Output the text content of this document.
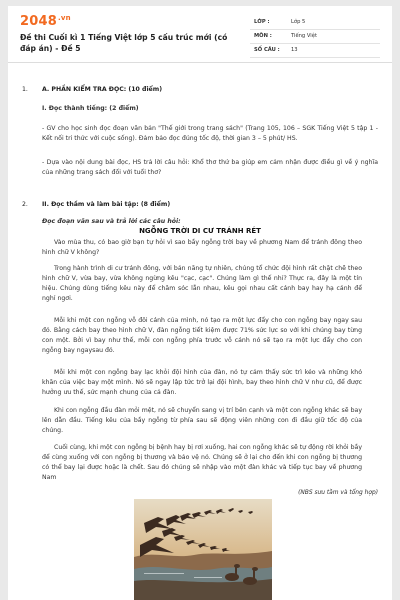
$2048^{.vn}$
Đề thi Cuối kì 1 Tiếng Việt lớp 5 cấu trúc mới (có đáp án) - Đề 5
LỚP :	Lớp 5
MÔN :	Tiếng Việt
SỐ CÂU : 13
1. A. PHẦN KIỂM TRA ĐỌC: (10 điểm)
I. Đọc thành tiếng: (2 điểm)
- GV cho học sinh đọc đoạn văn bản "Thế giới trong trang sách" (Trang 105, 106 – SGK Tiếng Việt 5 tập 1 - Kết nối tri thức với cuộc sống). Đảm bảo đọc đúng tốc độ, thời gian 3 – 5 phút/ HS.
- Dựa vào nội dung bài đọc, HS trả lời câu hỏi: Khổ thơ thứ ba giúp em cảm nhận được điều gì về ý nghĩa của những trang sách đối với tuổi thơ?
2. II. Đọc thầm và làm bài tập: (8 điểm)
Đọc đoạn văn sau và trả lời các câu hỏi:
NGỖNG TRỜI DI CƯ TRÁNH RÉT
Vào mùa thu, có bao giờ bạn tự hỏi vì sao bầy ngỗng trời bay về phương Nam để tránh đông theo hình chữ V không?
Trong hành trình di cư tránh đông, với bản năng tự nhiên, chúng tổ chức đội hình rất chặt chẽ theo hình chữ V, vừa bay, vừa không ngừng kêu "cạc, cạc". Chúng làm gì thế nhỉ? Thực ra, đây là một tín hiệu. Chúng dùng tiếng kêu này để chăm sóc lẫn nhau, kêu gọi nhau cất cánh bay hay hạ cánh để nghỉ ngơi.
Mỗi khi một con ngỗng vỗ đôi cánh của mình, nó tạo ra một lực đẩy cho con ngỗng bay ngay sau đó. Bằng cách bay theo hình chữ V, đàn ngỗng tiết kiệm được 71% sức lực so với khi chúng bay từng con một. Bởi vì bay như thế, mỗi con ngỗng phía trước vỗ cánh nó sẽ tạo ra một lực đẩy cho con ngỗng bay ngaysau đó.
Mỗi khi một con ngỗng bay lạc khỏi đội hình của đàn, nó tự cảm thấy sức trì kéo và những khó khăn của việc bay một mình. Nó sẽ ngay lập tức trở lại đội hình, bay theo hình chữ V như cũ, để được hưởng ưu thế, sức mạnh chung của cả đàn.
Khi con ngỗng đầu đàn mỏi mệt, nó sẽ chuyển sang vị trí bên cạnh và một con ngỗng khác sẽ bay lên dẫn đầu. Tiếng kêu của bầy ngỗng từ phía sau sẽ động viên những con đi đầu giữ tốc độ của chúng.
Cuối cùng, khi một con ngỗng bị bệnh hay bị rơi xuống, hai con ngỗng khác sẽ tự động rời khỏi bầy để cùng xuống với con ngỗng bị thương và bảo vệ nó. Chúng sẽ ở lại cho đến khi con ngỗng bị thương có thể bay lại được hoặc là chết. Sau đó chúng sẽ nhập vào một đàn khác và tiếp tục bay về phương Nam
(NBS sưu tầm và tổng hợp)
